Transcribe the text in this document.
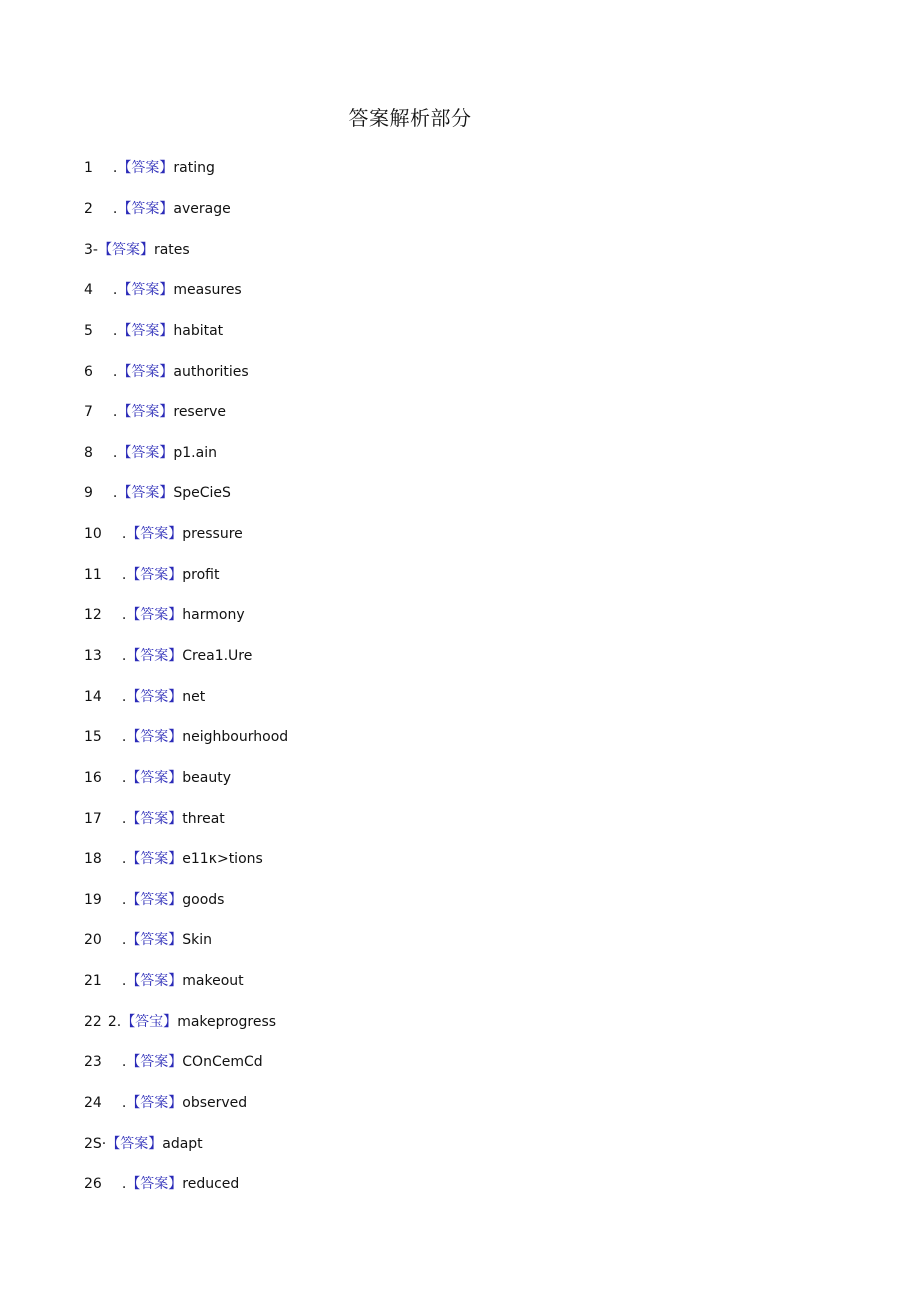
答案解析部分
1 . 【答案】 rating
2 . 【答案】 average
3- 【答案】 rates
4 . 【答案】 measures
5 . 【答案】 habitat
6 . 【答案】 authorities
7 . 【答案】 reserve
8 . 【答案】 p1.ain
9 . 【答案】 SpeCieS
10 . 【答案】 pressure
11 . 【答案】 profit
12 . 【答案】 harmony
13 . 【答案】 Crea1.Ure
14 . 【答案】 net
15 . 【答案】 neighbourhood
16 . 【答案】 beauty
17 . 【答案】 threat
18 . 【答案】 e11κ>tions
19 . 【答案】 goods
20 . 【答案】 Skin
21 . 【答案】 makeout
22 2. 【答宝】 makeprogress
23 . 【答案】 COnCemCd
24 . 【答案】 observed
2S· 【答案】 adapt
26 . 【答案】 reduced
